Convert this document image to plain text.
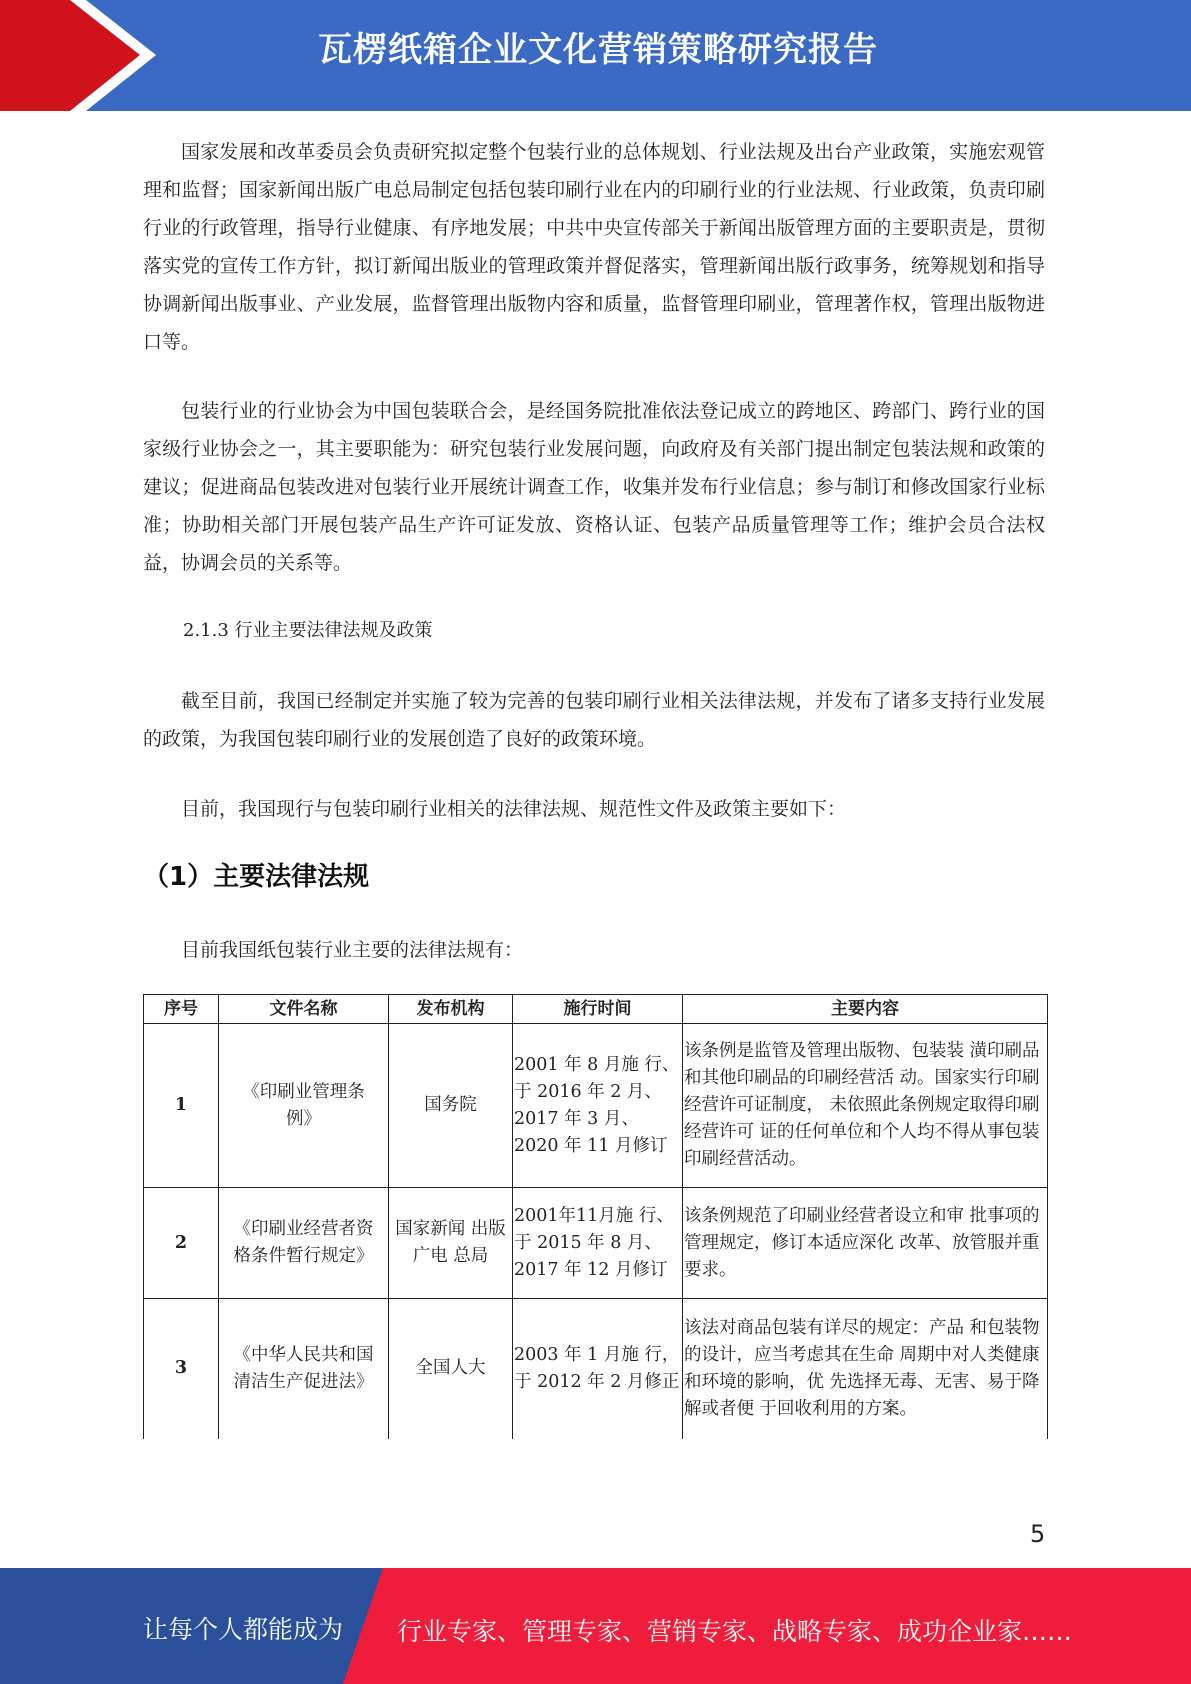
瓦楞纸箱企业文化营销策略研究报告

国家发展和改革委员会负责研究拟定整个包装行业的总体规划、行业法规及出台产业政策，实施宏观管理和监督；国家新闻出版广电总局制定包括包装印刷行业在内的印刷行业的行业法规、行业政策，负责印刷行业的行政管理，指导行业健康、有序地发展；中共中央宣传部关于新闻出版管理方面的主要职责是，贯彻落实党的宣传工作方针，拟订新闻出版业的管理政策并督促落实，管理新闻出版行政事务，统筹规划和指导协调新闻出版事业、产业发展，监督管理出版物内容和质量，监督管理印刷业，管理著作权，管理出版物进口等。

包装行业的行业协会为中国包装联合会，是经国务院批准依法登记成立的跨地区、跨部门、跨行业的国家级行业协会之一，其主要职能为：研究包装行业发展问题，向政府及有关部门提出制定包装法规和政策的建议；促进商品包装改进对包装行业开展统计调查工作，收集并发布行业信息；参与制订和修改国家行业标准；协助相关部门开展包装产品生产许可证发放、资格认证、包装产品质量管理等工作；维护会员合法权益，协调会员的关系等。

2.1.3 行业主要法律法规及政策

截至目前，我国已经制定并实施了较为完善的包装印刷行业相关法律法规，并发布了诸多支持行业发展的政策，为我国包装印刷行业的发展创造了良好的政策环境。

目前，我国现行与包装印刷行业相关的法律法规、规范性文件及政策主要如下：

（1）主要法律法规

目前我国纸包装行业主要的法律法规有：

序号	文件名称	发布机构	施行时间	主要内容
1	《印刷业管理条例》	国务院	2001 年 8 月施 行、于 2016 年 2 月、2017 年 3 月、2020 年 11 月修订	该条例是监管及管理出版物、包装装 潢印刷品和其他印刷品的印刷经营活 动。国家实行印刷经营许可证制度， 未依照此条例规定取得印刷经营许可 证的任何单位和个人均不得从事包装 印刷经营活动。
2	《印刷业经营者资格条件暂行规定》	国家新闻 出版广电 总局	2001年11月施 行、于 2015 年 8 月、2017 年 12 月修订	该条例规范了印刷业经营者设立和审 批事项的管理规定，修订本适应深化 改革、放管服并重要求。
3	《中华人民共和国清洁生产促进法》	全国人大	2003 年 1 月施 行，于 2012 年 2 月修正	该法对商品包装有详尽的规定：产品 和包装物的设计，应当考虑其在生命 周期中对人类健康和环境的影响，优 先选择无毒、无害、易于降解或者便 于回收利用的方案。
5
让每个人都能成为 行业专家、管理专家、营销专家、战略专家、成功企业家……
